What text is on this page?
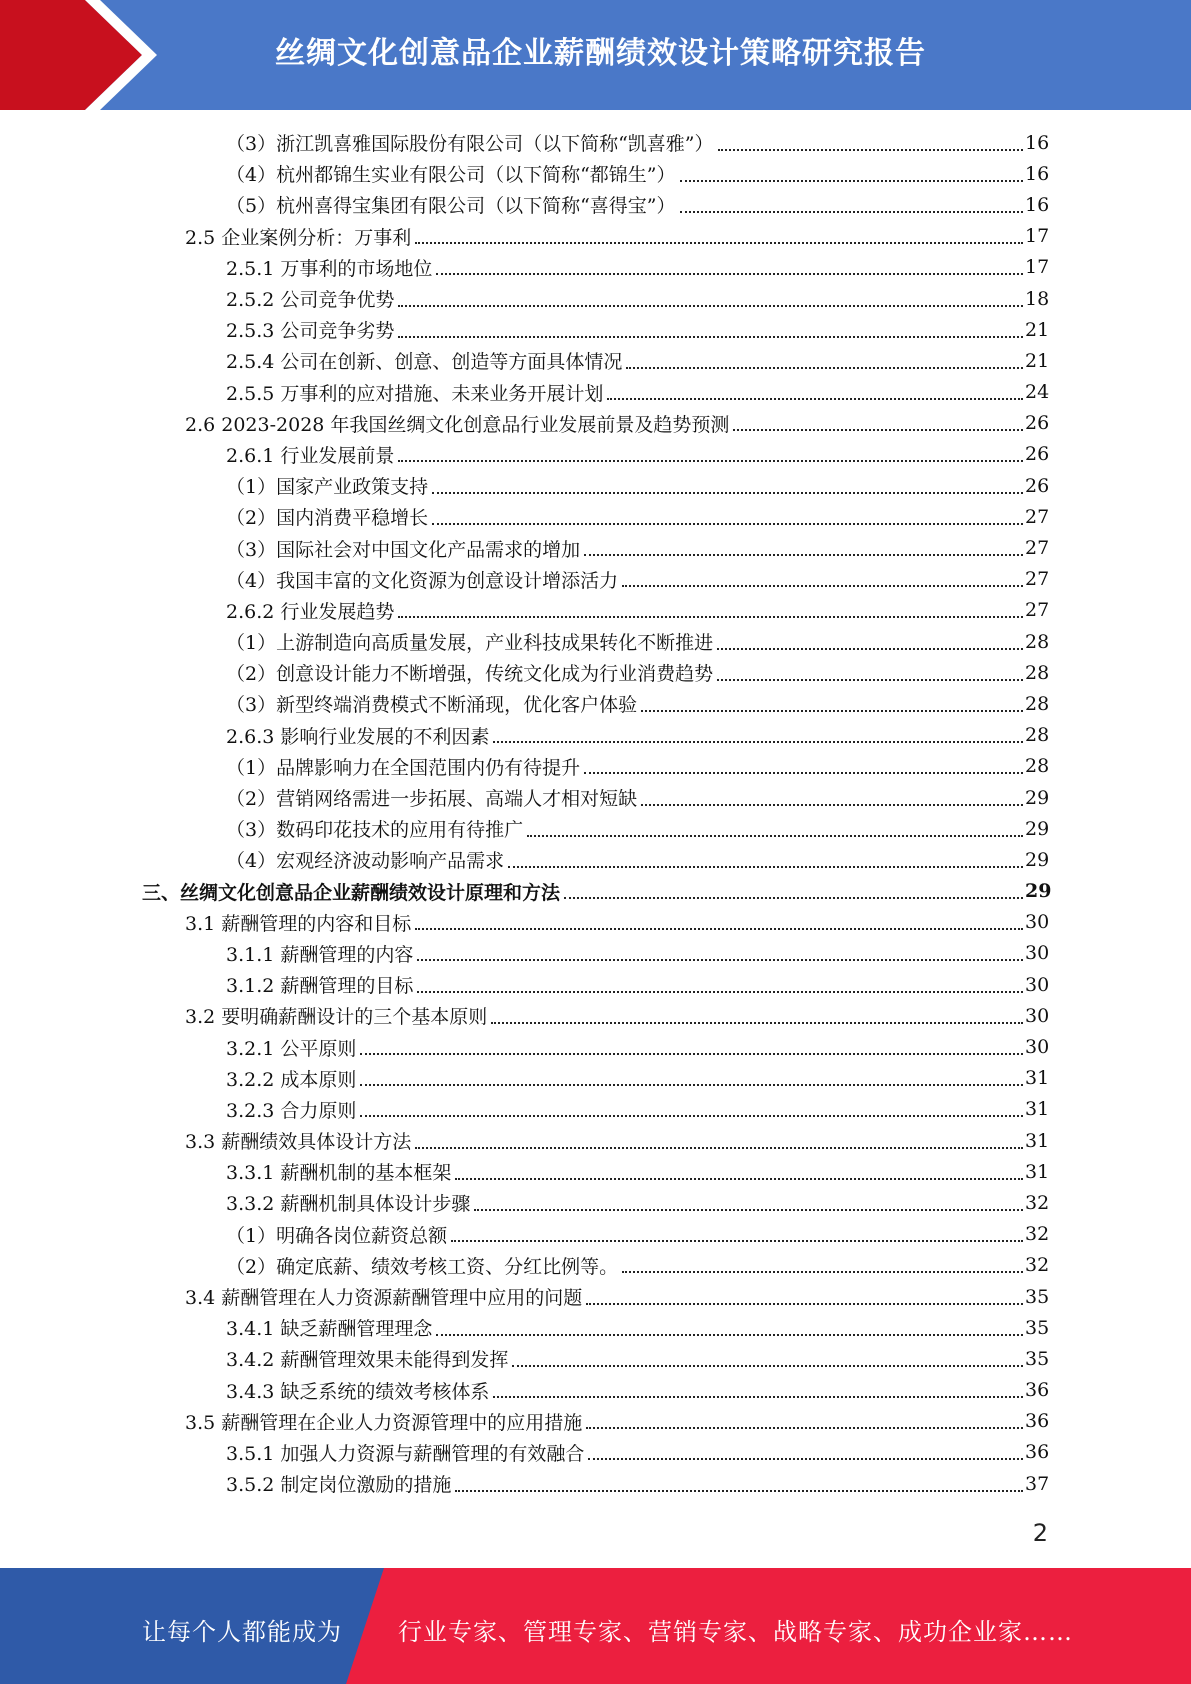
丝绸文化创意品企业薪酬绩效设计策略研究报告
（3）浙江凯喜雅国际股份有限公司（以下简称“凯喜雅”）	16
（4）杭州都锦生实业有限公司（以下简称“都锦生”）	16
（5）杭州喜得宝集团有限公司（以下简称“喜得宝”）	16
2.5 企业案例分析：万事利	17
2.5.1 万事利的市场地位	17
2.5.2 公司竞争优势	18
2.5.3 公司竞争劣势	21
2.5.4 公司在创新、创意、创造等方面具体情况	21
2.5.5 万事利的应对措施、未来业务开展计划	24
2.6 2023-2028 年我国丝绸文化创意品行业发展前景及趋势预测	26
2.6.1 行业发展前景	26
（1）国家产业政策支持	26
（2）国内消费平稳增长	27
（3）国际社会对中国文化产品需求的增加	27
（4）我国丰富的文化资源为创意设计增添活力	27
2.6.2 行业发展趋势	27
（1）上游制造向高质量发展，产业科技成果转化不断推进	28
（2）创意设计能力不断增强，传统文化成为行业消费趋势	28
（3）新型终端消费模式不断涌现，优化客户体验	28
2.6.3 影响行业发展的不利因素	28
（1）品牌影响力在全国范围内仍有待提升	28
（2）营销网络需进一步拓展、高端人才相对短缺	29
（3）数码印花技术的应用有待推广	29
（4）宏观经济波动影响产品需求	29
三、丝绸文化创意品企业薪酬绩效设计原理和方法	29
3.1 薪酬管理的内容和目标	30
3.1.1 薪酬管理的内容	30
3.1.2 薪酬管理的目标	30
3.2 要明确薪酬设计的三个基本原则	30
3.2.1 公平原则	30
3.2.2 成本原则	31
3.2.3 合力原则	31
3.3 薪酬绩效具体设计方法	31
3.3.1 薪酬机制的基本框架	31
3.3.2 薪酬机制具体设计步骤	32
（1）明确各岗位薪资总额	32
（2）确定底薪、绩效考核工资、分红比例等。	32
3.4 薪酬管理在人力资源薪酬管理中应用的问题	35
3.4.1 缺乏薪酬管理理念	35
3.4.2 薪酬管理效果未能得到发挥	35
3.4.3 缺乏系统的绩效考核体系	36
3.5 薪酬管理在企业人力资源管理中的应用措施	36
3.5.1 加强人力资源与薪酬管理的有效融合	36
3.5.2 制定岗位激励的措施	37
2
让每个人都能成为 行业专家、管理专家、营销专家、战略专家、成功企业家……
